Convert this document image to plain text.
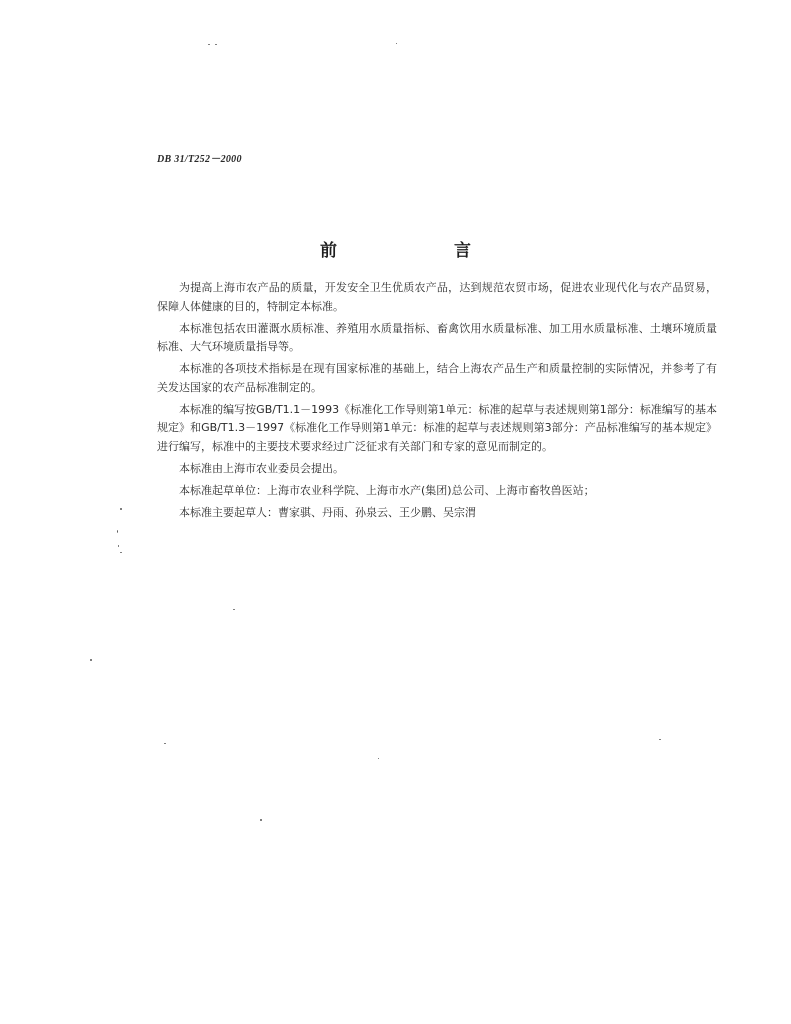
DB 31/T252－2000
前　言

为提高上海市农产品的质量，开发安全卫生优质农产品，达到规范农贸市场，促进农业现代化与农产品贸易，保障人体健康的目的，特制定本标准。

本标准包括农田灌溉水质标准、养殖用水质量指标、畜禽饮用水质量标准、加工用水质量标准、土壤环境质量标准、大气环境质量指导等。

本标准的各项技术指标是在现有国家标准的基础上，结合上海农产品生产和质量控制的实际情况，并参考了有关发达国家的农产品标准制定的。

本标准的编写按GB/T1.1－1993《标准化工作导则第1单元：标准的起草与表述规则第1部分：标准编写的基本规定》和GB/T1.3－1997《标准化工作导则第1单元：标准的起草与表述规则第3部分：产品标准编写的基本规定》进行编写，标准中的主要技术要求经过广泛征求有关部门和专家的意见而制定的。

本标准由上海市农业委员会提出。

本标准起草单位：上海市农业科学院、上海市水产(集团)总公司、上海市畜牧兽医站；

本标准主要起草人：曹家骐、丹雨、孙泉云、王少鹏、吴宗渭
